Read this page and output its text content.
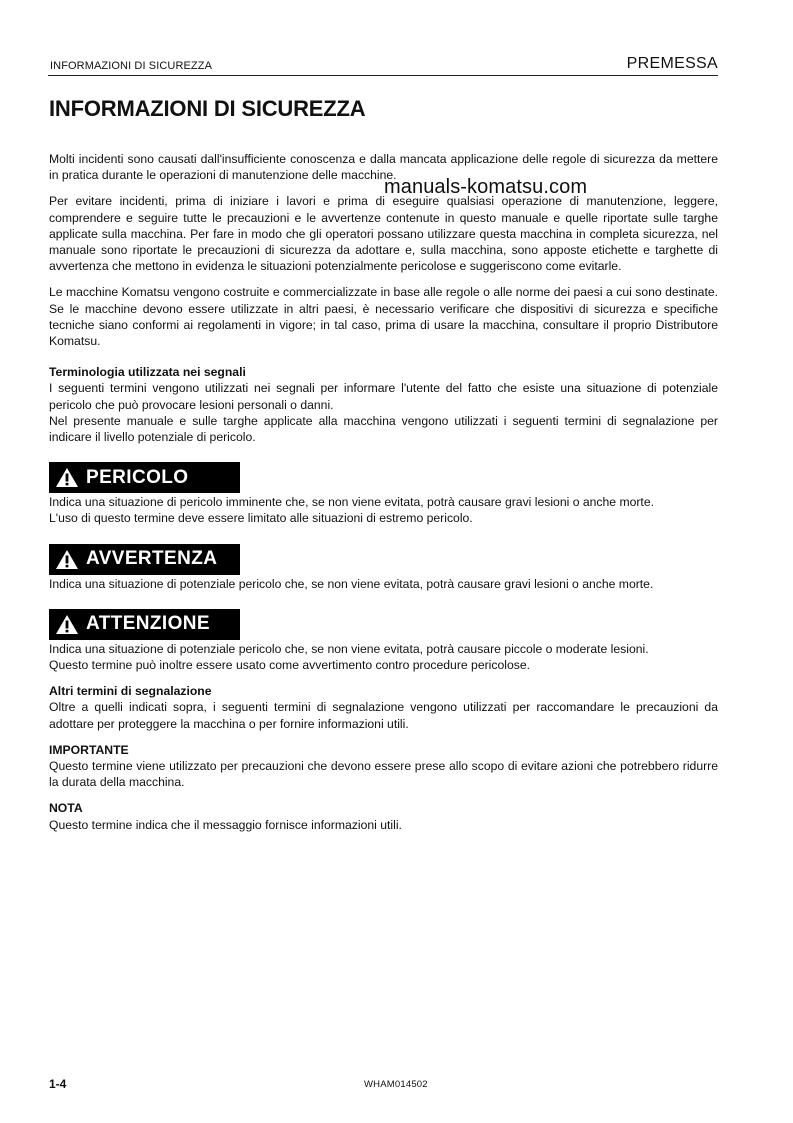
INFORMAZIONI DI SICUREZZA	PREMESSA
INFORMAZIONI DI SICUREZZA
manuals-komatsu.com

Molti incidenti sono causati dall'insufficiente conoscenza e dalla mancata applicazione delle regole di sicurezza da mettere in pratica durante le operazioni di manutenzione delle macchine.

Per evitare incidenti, prima di iniziare i lavori e prima di eseguire qualsiasi operazione di manutenzione, leggere, comprendere e seguire tutte le precauzioni e le avvertenze contenute in questo manuale e quelle riportate sulle targhe applicate sulla macchina. Per fare in modo che gli operatori possano utilizzare questa macchina in completa sicurezza, nel manuale sono riportate le precauzioni di sicurezza da adottare e, sulla macchina, sono apposte etichette e targhette di avvertenza che mettono in evidenza le situazioni potenzialmente pericolose e suggeriscono come evitarle.

Le macchine Komatsu vengono costruite e commercializzate in base alle regole o alle norme dei paesi a cui sono destinate. Se le macchine devono essere utilizzate in altri paesi, è necessario verificare che dispositivi di sicurezza e specifiche tecniche siano conformi ai regolamenti in vigore; in tal caso, prima di usare la macchina, consultare il proprio Distributore Komatsu.

Terminologia utilizzata nei segnali

I seguenti termini vengono utilizzati nei segnali per informare l'utente del fatto che esiste una situazione di potenziale pericolo che può provocare lesioni personali o danni.

Nel presente manuale e sulle targhe applicate alla macchina vengono utilizzati i seguenti termini di segnalazione per indicare il livello potenziale di pericolo.

PERICOLO

Indica una situazione di pericolo imminente che, se non viene evitata, potrà causare gravi lesioni o anche morte.

L'uso di questo termine deve essere limitato alle situazioni di estremo pericolo.

AVVERTENZA

Indica una situazione di potenziale pericolo che, se non viene evitata, potrà causare gravi lesioni o anche morte.

ATTENZIONE

Indica una situazione di potenziale pericolo che, se non viene evitata, potrà causare piccole o moderate lesioni.

Questo termine può inoltre essere usato come avvertimento contro procedure pericolose.

Altri termini di segnalazione

Oltre a quelli indicati sopra, i seguenti termini di segnalazione vengono utilizzati per raccomandare le precauzioni da adottare per proteggere la macchina o per fornire informazioni utili.

IMPORTANTE

Questo termine viene utilizzato per precauzioni che devono essere prese allo scopo di evitare azioni che potrebbero ridurre la durata della macchina.

NOTA

Questo termine indica che il messaggio fornisce informazioni utili.

1-4	WHAM014502
